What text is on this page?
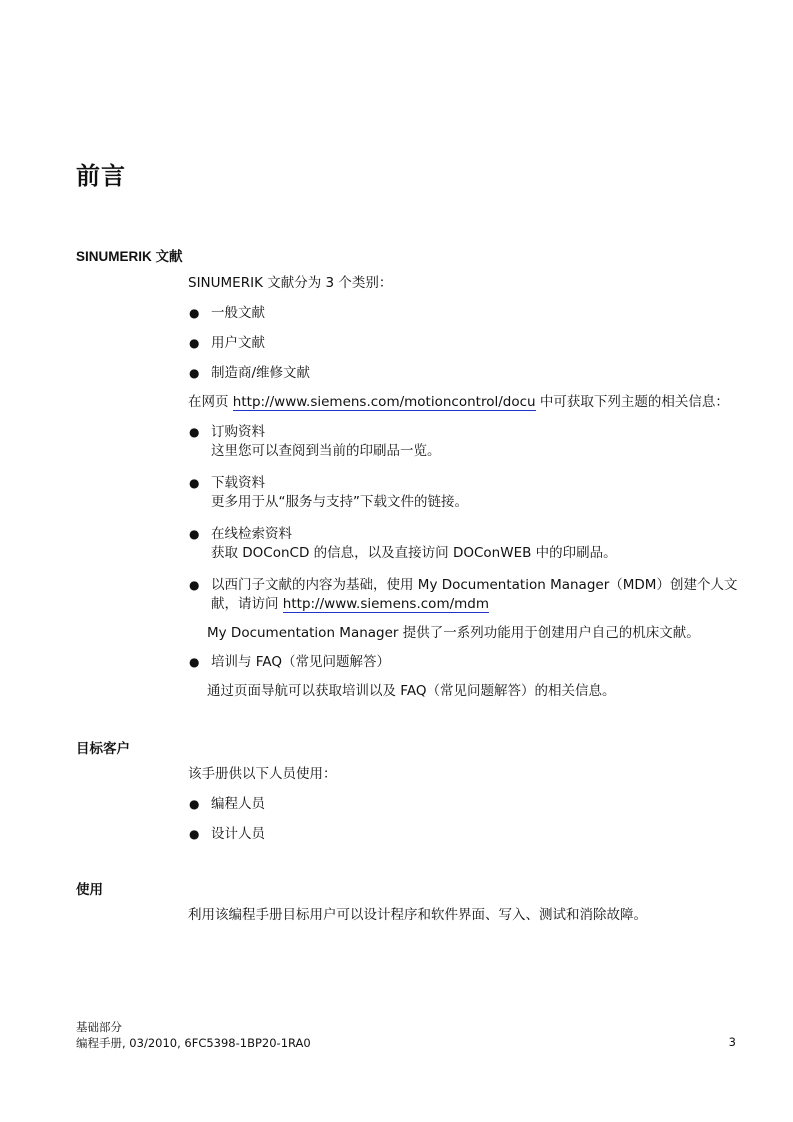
前言
SINUMERIK 文献

SINUMERIK 文献分为 3 个类别：

● 一般文献
● 用户文献
● 制造商/维修文献

在网页 http://www.siemens.com/motioncontrol/docu 中可获取下列主题的相关信息：

● 订购资料
这里您可以查阅到当前的印刷品一览。
● 下载资料
更多用于从“服务与支持”下载文件的链接。
● 在线检索资料
获取 DOConCD 的信息，以及直接访问 DOConWEB 中的印刷品。
● 以西门子文献的内容为基础，使用 My Documentation Manager（MDM）创建个人文献，请访问 http://www.siemens.com/mdm

My Documentation Manager 提供了一系列功能用于创建用户自己的机床文献。

● 培训与 FAQ（常见问题解答）

通过页面导航可以获取培训以及 FAQ（常见问题解答）的相关信息。

目标客户

该手册供以下人员使用：

● 编程人员
● 设计人员
使用

利用该编程手册目标用户可以设计程序和软件界面、写入、测试和消除故障。

基础部分
编程手册, 03/2010, 6FC5398-1BP20-1RA0	3
